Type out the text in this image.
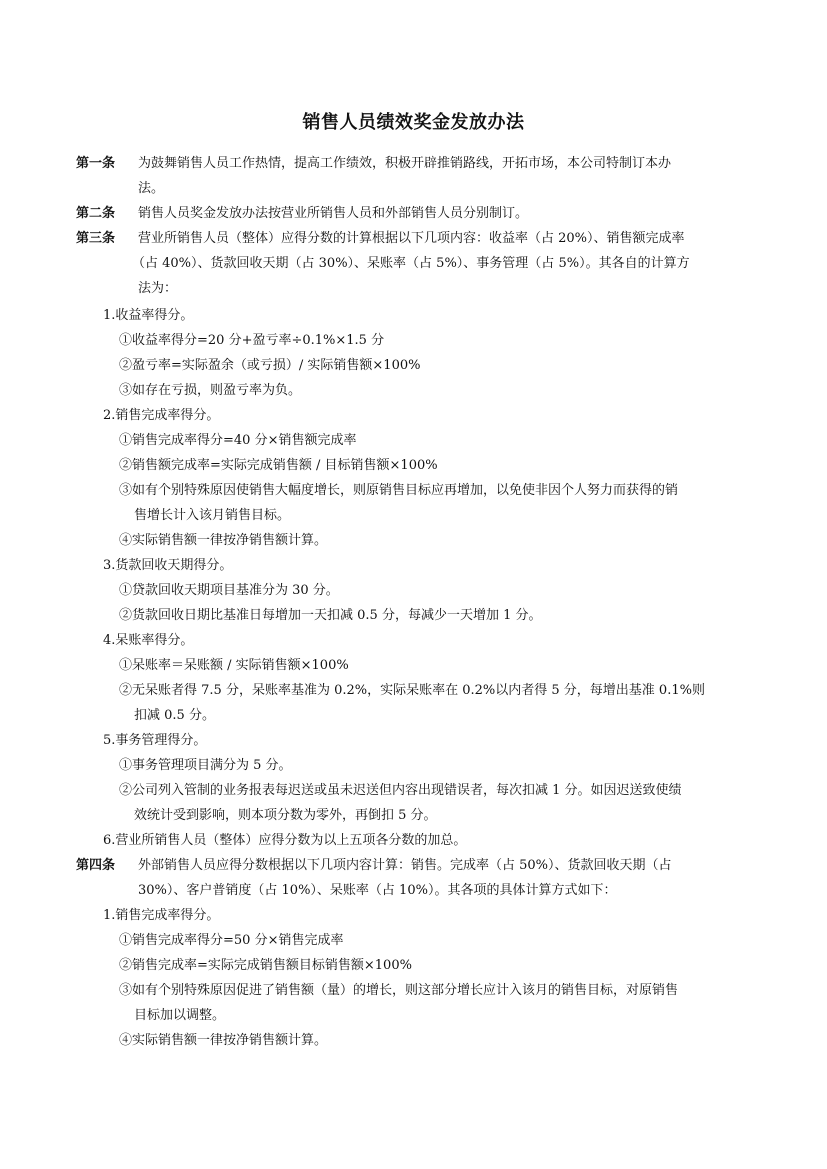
销售人员绩效奖金发放办法

第一条 为鼓舞销售人员工作热情，提高工作绩效，积极开辟推销路线，开拓市场，本公司特制订本办

法。

第二条 销售人员奖金发放办法按营业所销售人员和外部销售人员分别制订。

第三条 营业所销售人员（整体）应得分数的计算根据以下几项内容：收益率（占 20%）、销售额完成率

（占 40%）、货款回收天期（占 30%）、呆账率（占 5%）、事务管理（占 5%）。其各自的计算方

法为：

1.收益率得分。

①收益率得分=20 分+盈亏率÷0.1%×1.5 分

②盈亏率=实际盈余（或亏损）/ 实际销售额×100%

③如存在亏损，则盈亏率为负。

2.销售完成率得分。

①销售完成率得分=40 分×销售额完成率

②销售额完成率=实际完成销售额 / 目标销售额×100%

③如有个别特殊原因使销售大幅度增长，则原销售目标应再增加，以免使非因个人努力而获得的销

售增长计入该月销售目标。

④实际销售额一律按净销售额计算。

3.货款回收天期得分。

①贷款回收天期项目基准分为 30 分。

②货款回收日期比基准日每增加一天扣减 0.5 分，每减少一天增加 1 分。

4.呆账率得分。

①呆账率＝呆账额 / 实际销售额×100%

②无呆账者得 7.5 分，呆账率基准为 0.2%，实际呆账率在 0.2%以内者得 5 分，每增出基准 0.1%则

扣减 0.5 分。

5.事务管理得分。

①事务管理项目满分为 5 分。

②公司列入管制的业务报表每迟送或虽未迟送但内容出现错误者，每次扣减 1 分。如因迟送致使绩

效统计受到影响，则本项分数为零外，再倒扣 5 分。

6.营业所销售人员（整体）应得分数为以上五项各分数的加总。

第四条 外部销售人员应得分数根据以下几项内容计算：销售。完成率（占 50%）、货款回收天期（占

30%）、客户普销度（占 10%）、呆账率（占 10%）。其各项的具体计算方式如下：

1.销售完成率得分。

①销售完成率得分=50 分×销售完成率

②销售完成率=实际完成销售额目标销售额×100%

③如有个别特殊原因促进了销售额（量）的增长，则这部分增长应计入该月的销售目标，对原销售

目标加以调整。

④实际销售额一律按净销售额计算。
